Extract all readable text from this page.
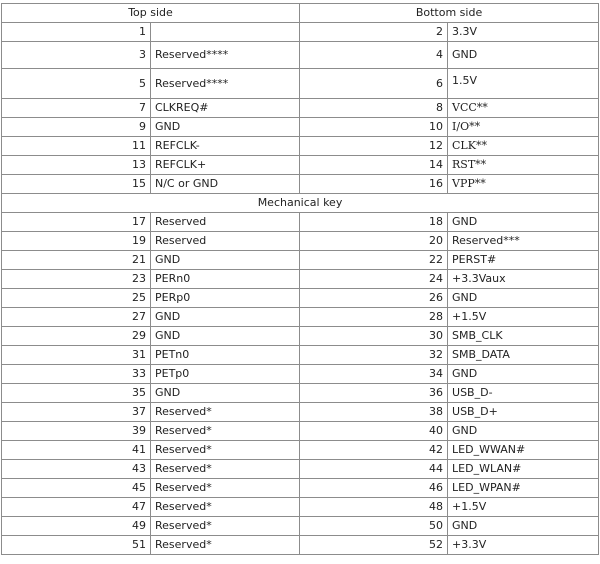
Top side		Bottom side	
1		2	3.3V
3	Reserved****	4	GND
5	Reserved****	6	1.5V
7	CLKREQ#	8	VCC**
9	GND	10	I/O**
11	REFCLK-	12	CLK**
13	REFCLK+	14	RST**
15	N/C or GND	16	VPP**
Mechanical key			
17	Reserved	18	GND
19	Reserved	20	Reserved***
21	GND	22	PERST#
23	PERn0	24	+3.3Vaux
25	PERp0	26	GND
27	GND	28	+1.5V
29	GND	30	SMB_CLK
31	PETn0	32	SMB_DATA
33	PETp0	34	GND
35	GND	36	USB_D-
37	Reserved*	38	USB_D+
39	Reserved*	40	GND
41	Reserved*	42	LED_WWAN#
43	Reserved*	44	LED_WLAN#
45	Reserved*	46	LED_WPAN#
47	Reserved*	48	+1.5V
49	Reserved*	50	GND
51	Reserved*	52	+3.3V
